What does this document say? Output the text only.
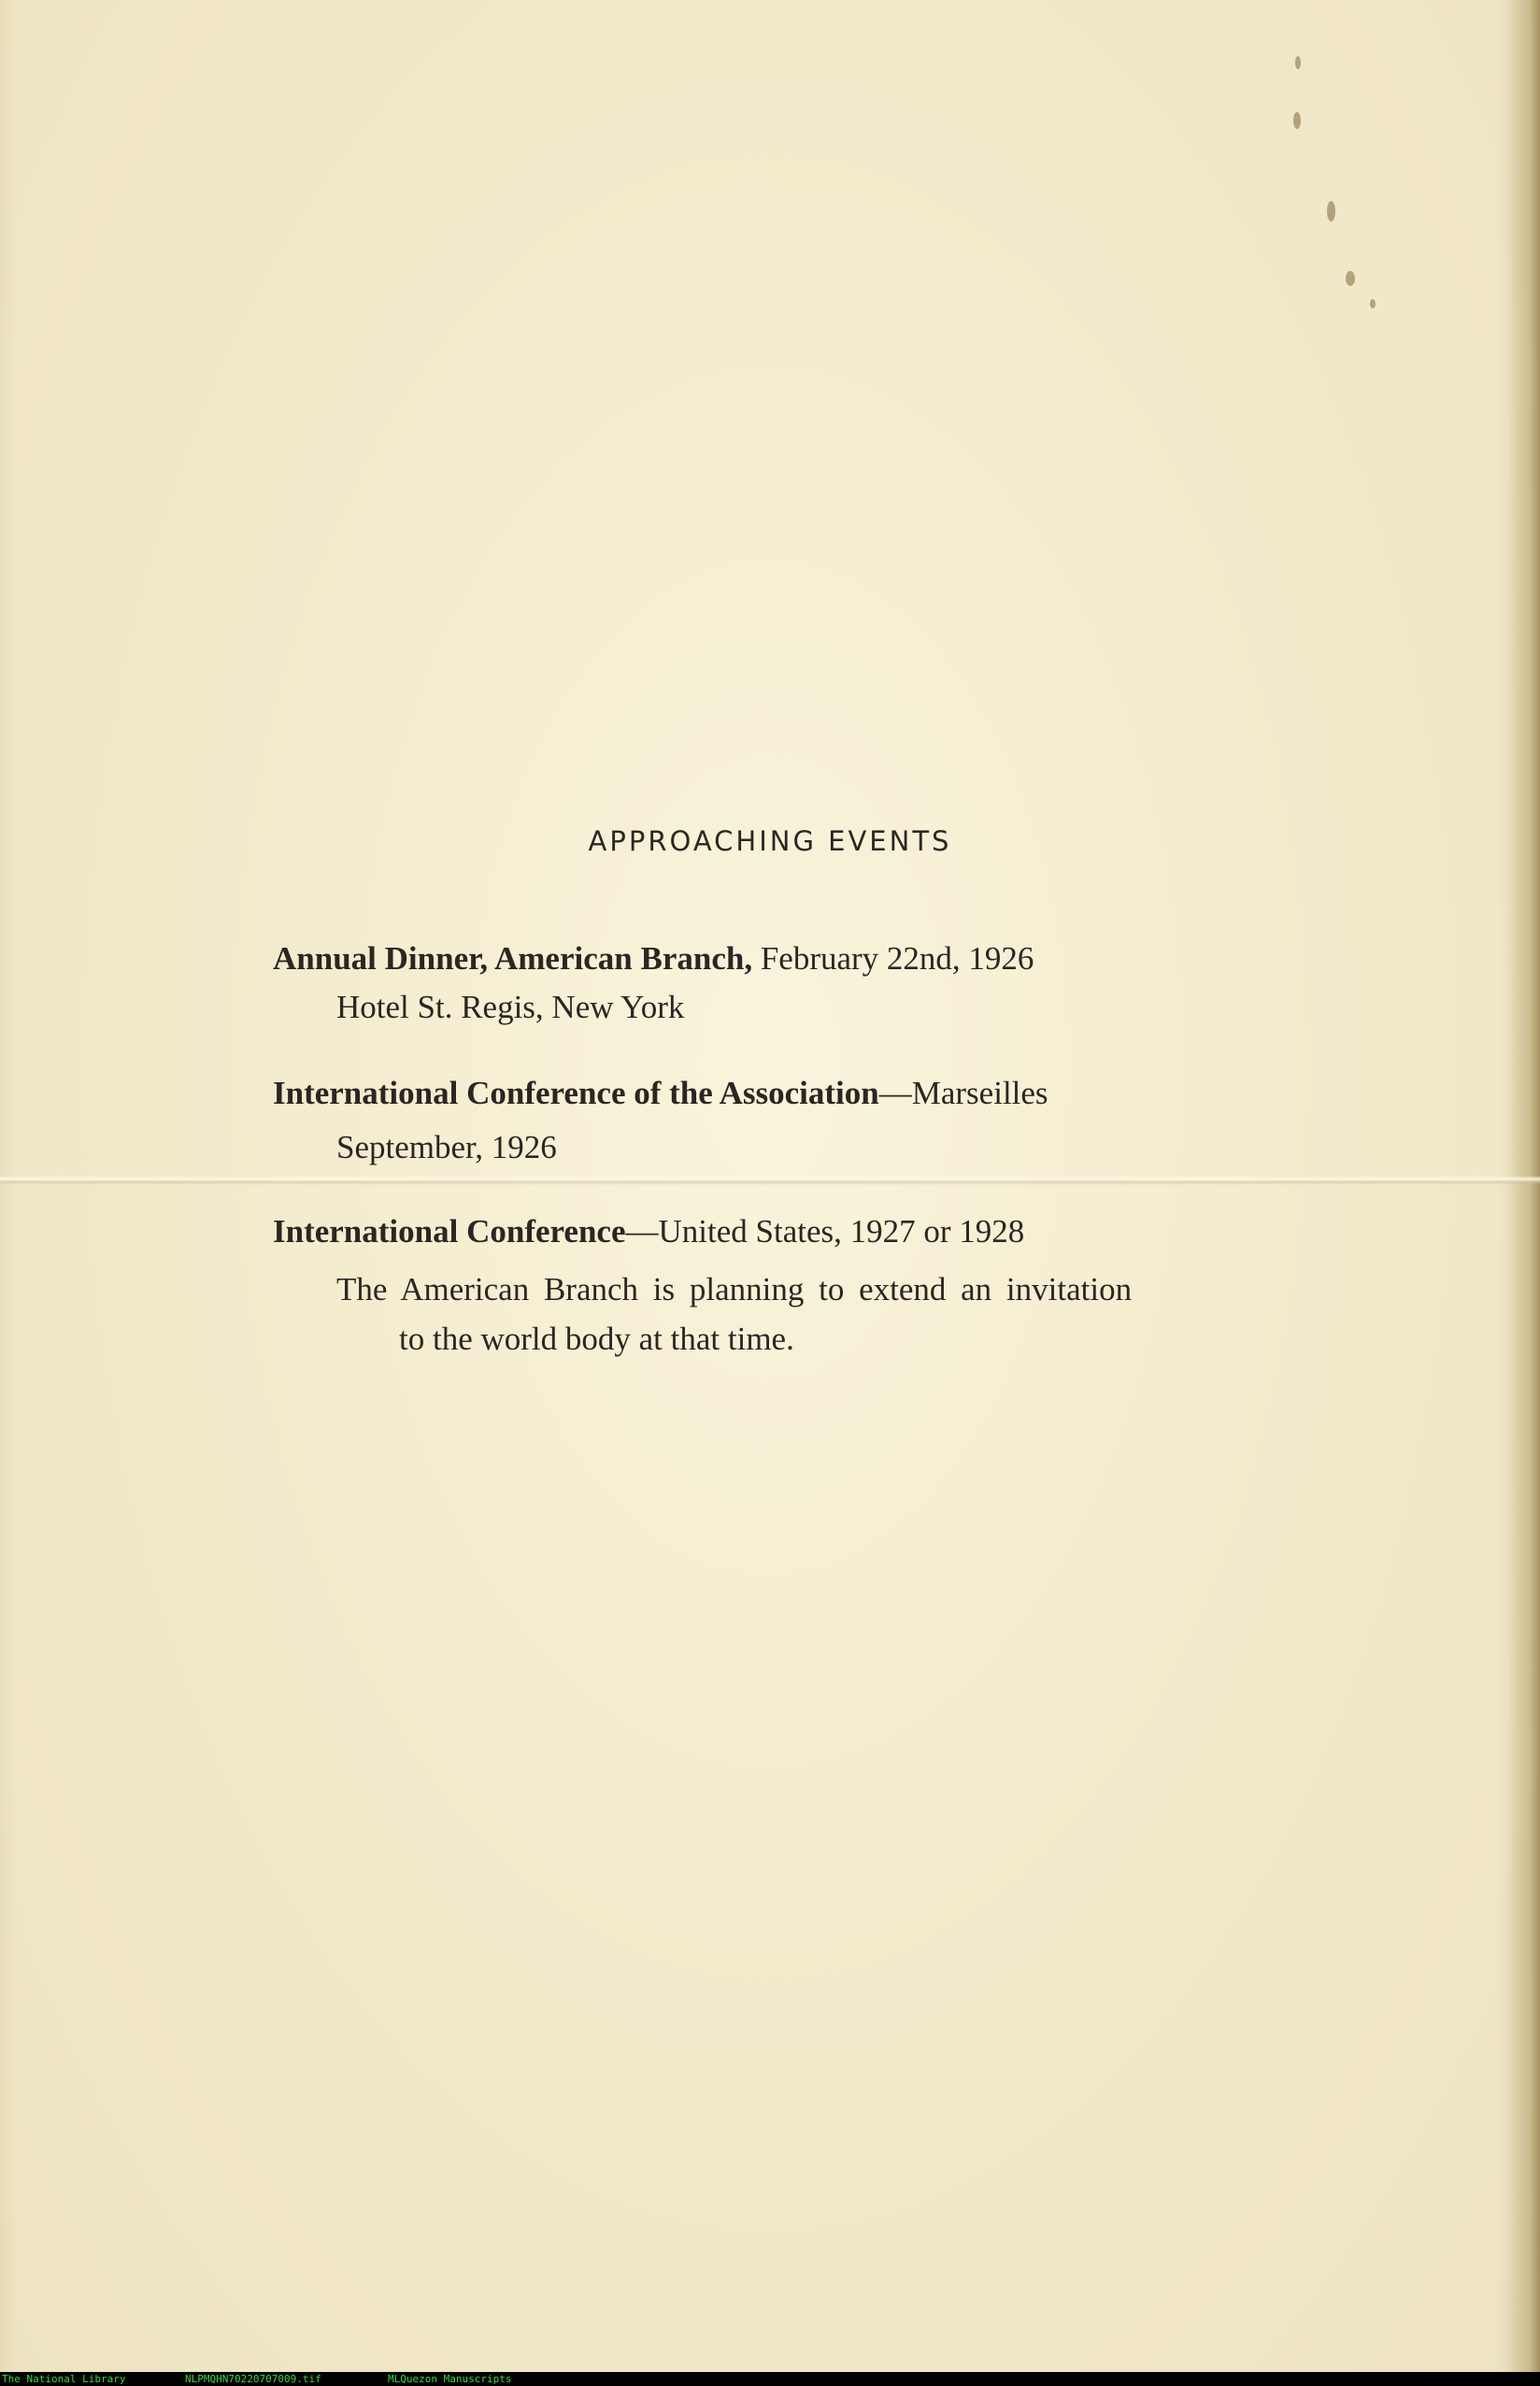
APPROACHING EVENTS

Annual Dinner, American Branch, February 22nd, 1926

Hotel St. Regis, New York

International Conference of the Association—Marseilles

September, 1926

International Conference—United States, 1927 or 1928

The American Branch is planning to extend an invitation

to the world body at that time.

The National Library	NLPMQHN70220707009.tif	MLQuezon Manuscripts
